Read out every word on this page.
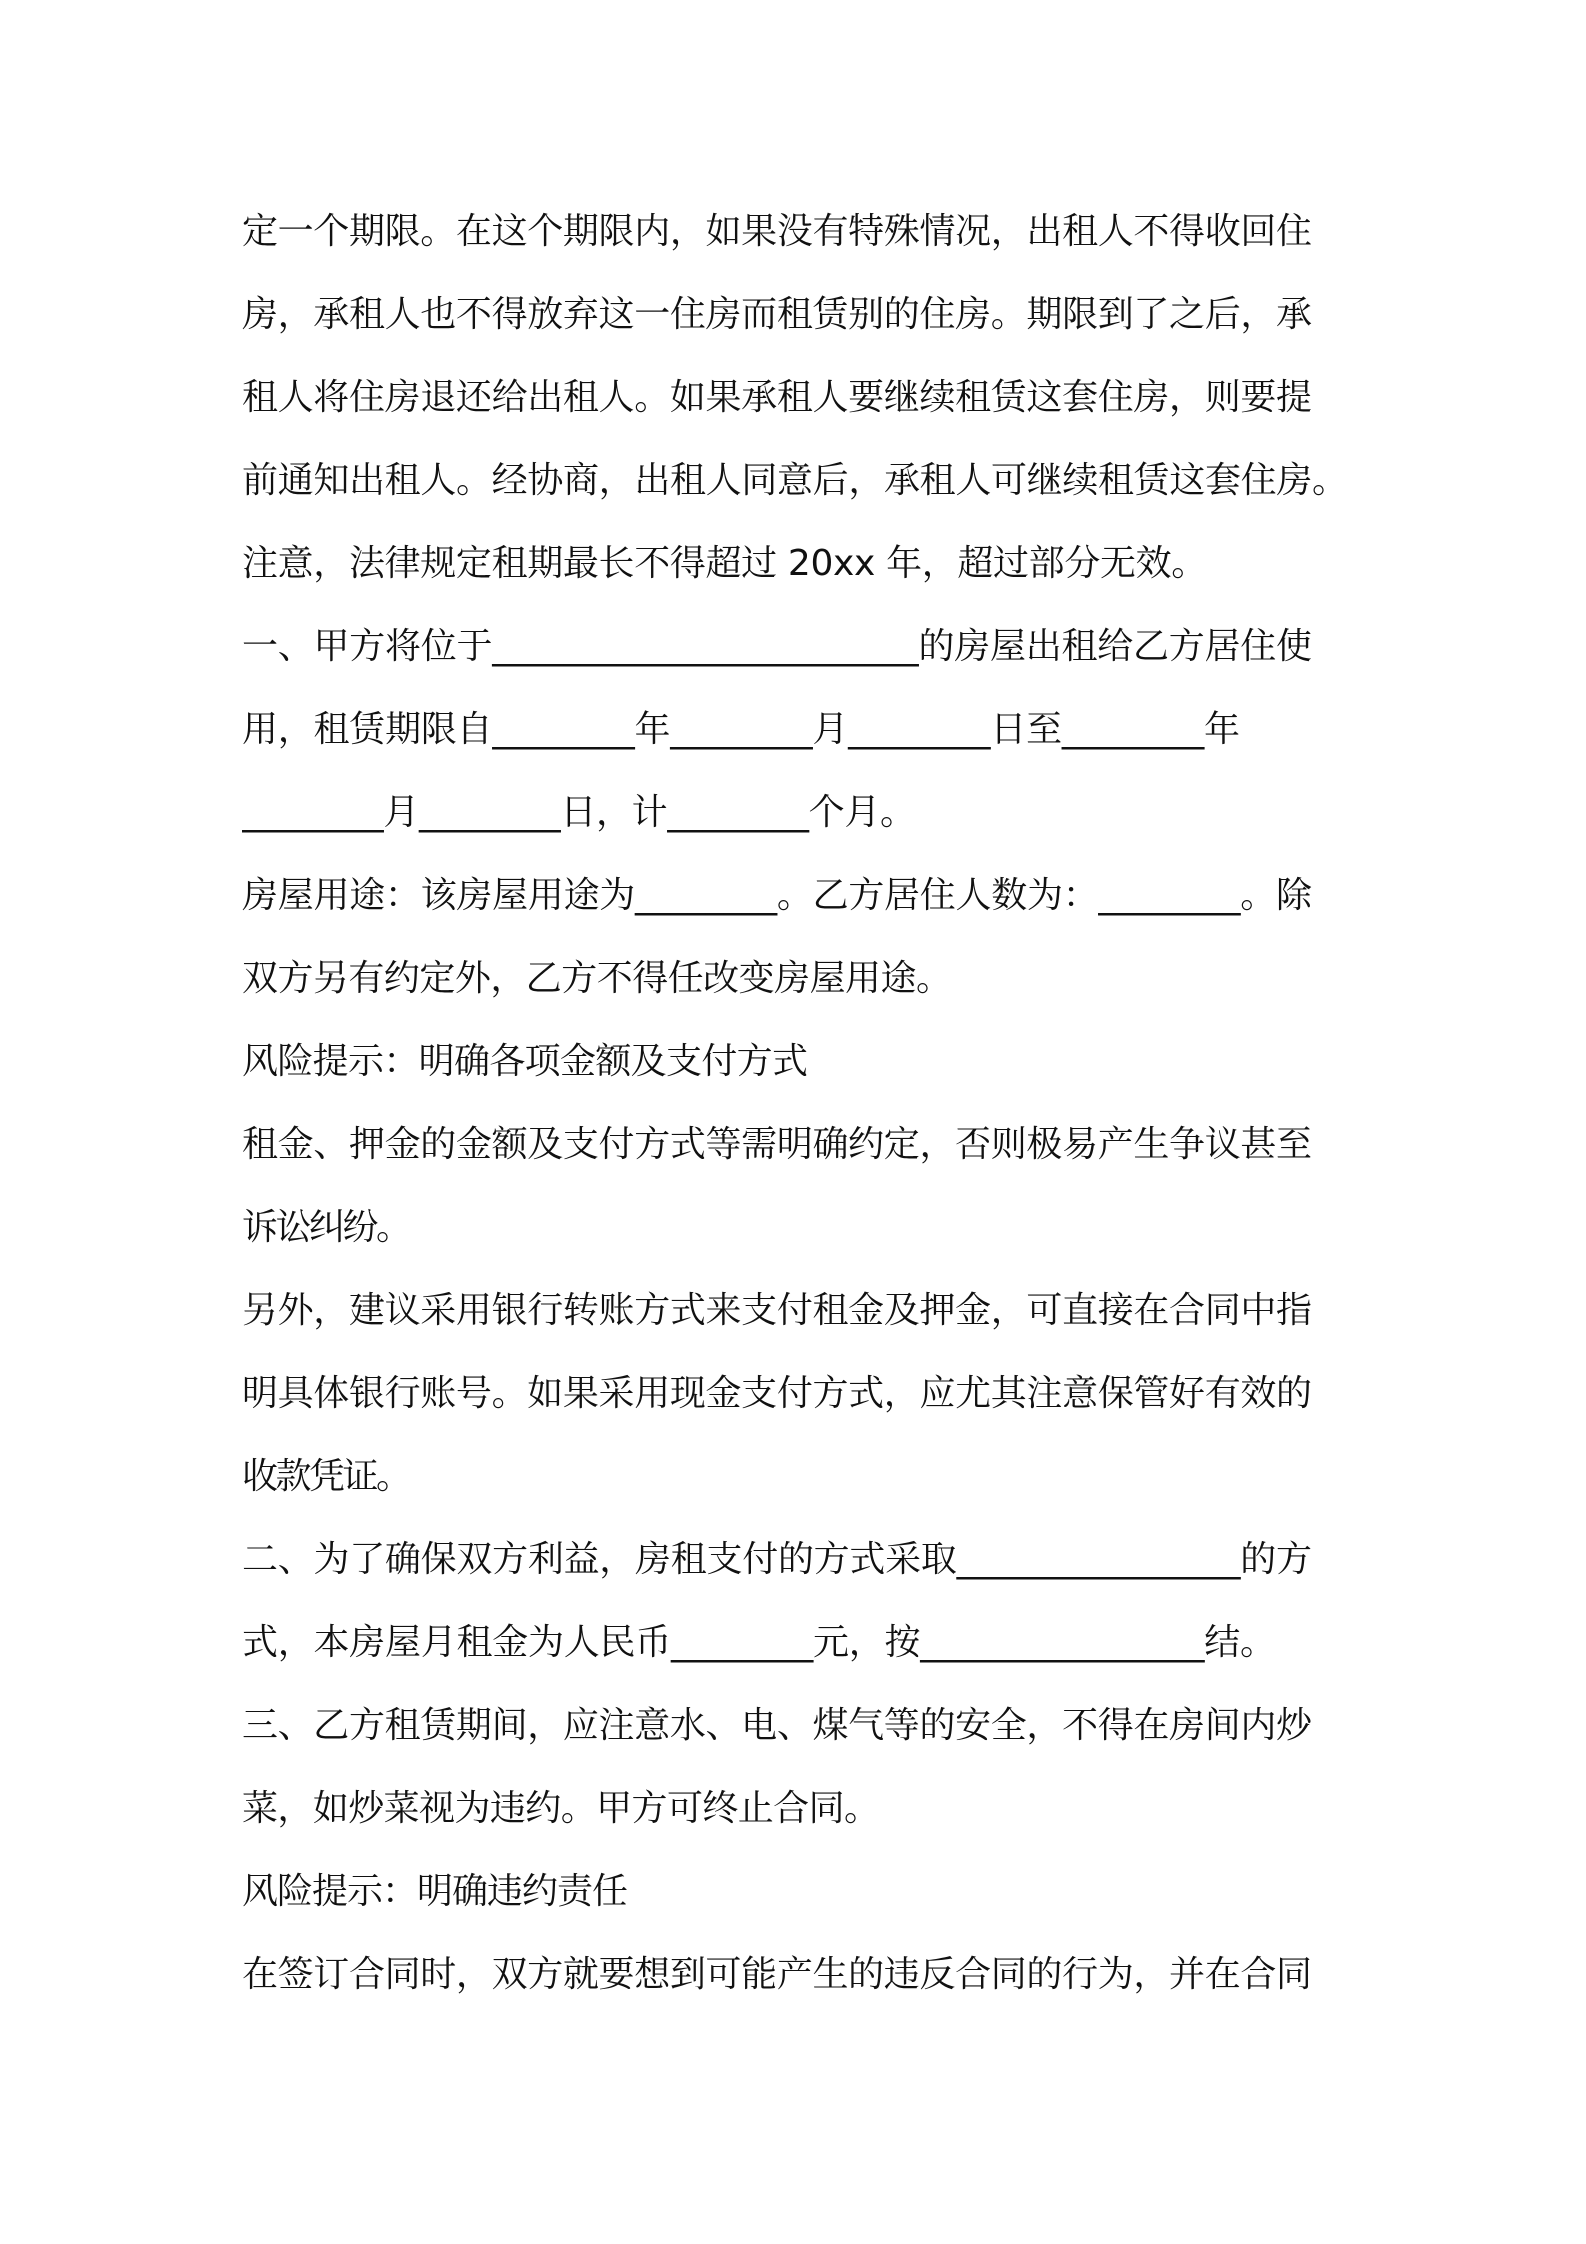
定一个期限。在这个期限内，如果没有特殊情况，出租人不得收回住
房，承租人也不得放弃这一住房而租赁别的住房。期限到了之后，承
租人将住房退还给出租人。如果承租人要继续租赁这套住房，则要提
前通知出租人。经协商，出租人同意后，承租人可继续租赁这套住房。
注意，法律规定租期最长不得超过 20xx 年，超过部分无效。
一、甲方将位于________________________的房屋出租给乙方居住使
用，租赁期限自________年________月________日至________年
________月________日，计________个月。
房屋用途：该房屋用途为________。乙方居住人数为：________。除
双方另有约定外，乙方不得任改变房屋用途。
风险提示：明确各项金额及支付方式
租金、押金的金额及支付方式等需明确约定，否则极易产生争议甚至
诉讼纠纷。
另外，建议采用银行转账方式来支付租金及押金，可直接在合同中指
明具体银行账号。如果采用现金支付方式，应尤其注意保管好有效的
收款凭证。
二、为了确保双方利益，房租支付的方式采取________________的方
式，本房屋月租金为人民币________元，按________________结。
三、乙方租赁期间，应注意水、电、煤气等的安全，不得在房间内炒
菜，如炒菜视为违约。甲方可终止合同。
风险提示：明确违约责任
在签订合同时，双方就要想到可能产生的违反合同的行为，并在合同
